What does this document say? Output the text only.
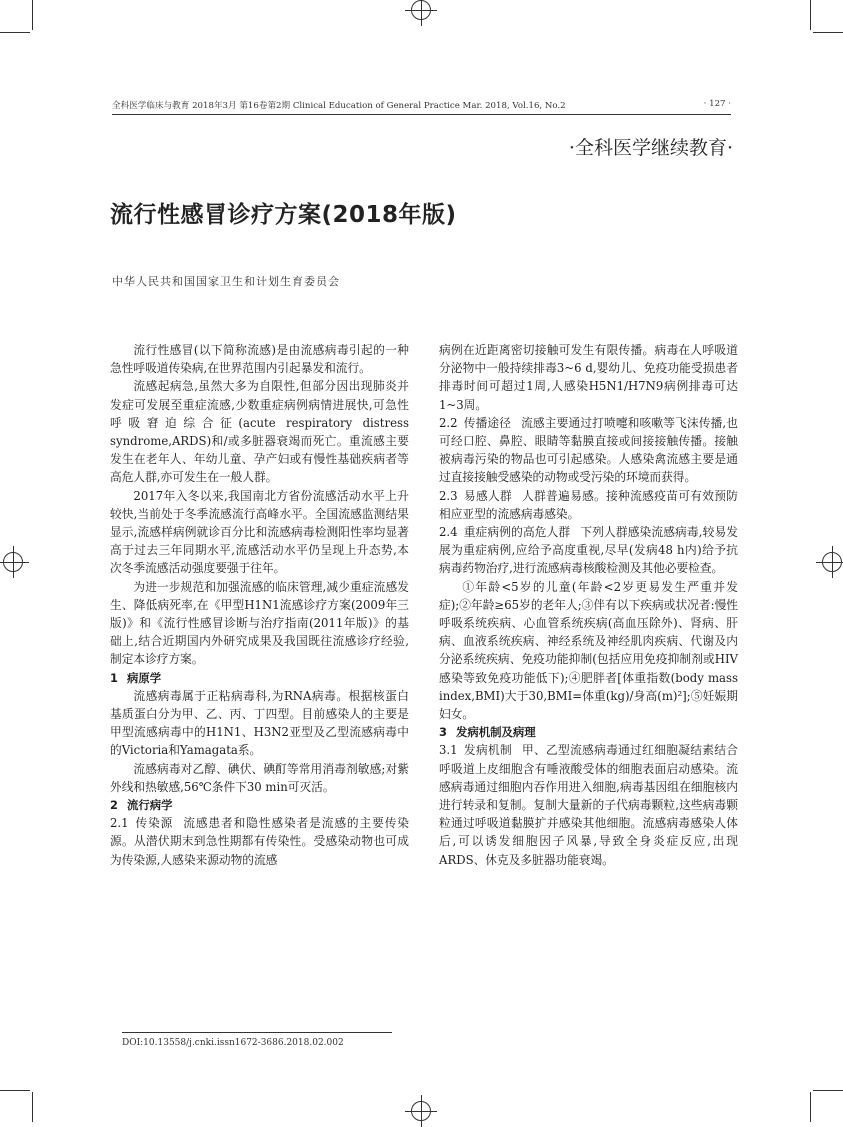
全科医学临床与教育 2018年3月 第16卷第2期 Clinical Education of General Practice Mar. 2018, Vol.16, No.2	· 127 ·
·全科医学继续教育·
流行性感冒诊疗方案(2018年版)
中华人民共和国国家卫生和计划生育委员会

流行性感冒(以下简称流感)是由流感病毒引起的一种急性呼吸道传染病,在世界范围内引起暴发和流行。

流感起病急,虽然大多为自限性,但部分因出现肺炎并发症可发展至重症流感,少数重症病例病情进展快,可急性呼吸窘迫综合征(acute respiratory distress syndrome,ARDS)和/或多脏器衰竭而死亡。重流感主要发生在老年人、年幼儿童、孕产妇或有慢性基础疾病者等高危人群,亦可发生在一般人群。

2017年入冬以来,我国南北方省份流感活动水平上升较快,当前处于冬季流感流行高峰水平。全国流感监测结果显示,流感样病例就诊百分比和流感病毒检测阳性率均显著高于过去三年同期水平,流感活动水平仍呈现上升态势,本次冬季流感活动强度要强于往年。

为进一步规范和加强流感的临床管理,减少重症流感发生、降低病死率,在《甲型H1N1流感诊疗方案(2009年三版)》和《流行性感冒诊断与治疗指南(2011年版)》的基础上,结合近期国内外研究成果及我国既往流感诊疗经验,制定本诊疗方案。

1 病原学

流感病毒属于正粘病毒科,为RNA病毒。根据核蛋白基质蛋白分为甲、乙、丙、丁四型。目前感染人的主要是甲型流感病毒中的H1N1、H3N2亚型及乙型流感病毒中的Victoria和Yamagata系。

流感病毒对乙醇、碘伏、碘酊等常用消毒剂敏感;对紫外线和热敏感,56℃条件下30 min可灭活。

2 流行病学

2.1 传染源 流感患者和隐性感染者是流感的主要传染源。从潜伏期末到急性期都有传染性。受感染动物也可成为传染源,人感染来源动物的流感

病例在近距离密切接触可发生有限传播。病毒在人呼吸道分泌物中一般持续排毒3~6 d,婴幼儿、免疫功能受损患者排毒时间可超过1周,人感染H5N1/H7N9病例排毒可达1~3周。

2.2 传播途径 流感主要通过打喷嚏和咳嗽等飞沫传播,也可经口腔、鼻腔、眼睛等黏膜直接或间接接触传播。接触被病毒污染的物品也可引起感染。人感染禽流感主要是通过直接接触受感染的动物或受污染的环境而获得。

2.3 易感人群 人群普遍易感。接种流感疫苗可有效预防相应亚型的流感病毒感染。

2.4 重症病例的高危人群 下列人群感染流感病毒,较易发展为重症病例,应给予高度重视,尽早(发病48 h内)给予抗病毒药物治疗,进行流感病毒核酸检测及其他必要检查。

①年龄<5岁的儿童(年龄<2岁更易发生严重并发症);②年龄≥65岁的老年人;③伴有以下疾病或状况者:慢性呼吸系统疾病、心血管系统疾病(高血压除外)、肾病、肝病、血液系统疾病、神经系统及神经肌肉疾病、代谢及内分泌系统疾病、免疫功能抑制(包括应用免疫抑制剂或HIV感染等致免疫功能低下);④肥胖者[体重指数(body mass index,BMI)大于30,BMI=体重(kg)/身高(m)²];⑤妊娠期妇女。

3 发病机制及病理

3.1 发病机制 甲、乙型流感病毒通过红细胞凝结素结合呼吸道上皮细胞含有唾液酸受体的细胞表面启动感染。流感病毒通过细胞内吞作用进入细胞,病毒基因组在细胞核内进行转录和复制。复制大量新的子代病毒颗粒,这些病毒颗粒通过呼吸道黏膜扩并感染其他细胞。流感病毒感染人体后,可以诱发细胞因子风暴,导致全身炎症反应,出现ARDS、休克及多脏器功能衰竭。

DOI:10.13558/j.cnki.issn1672-3686.2018.02.002
